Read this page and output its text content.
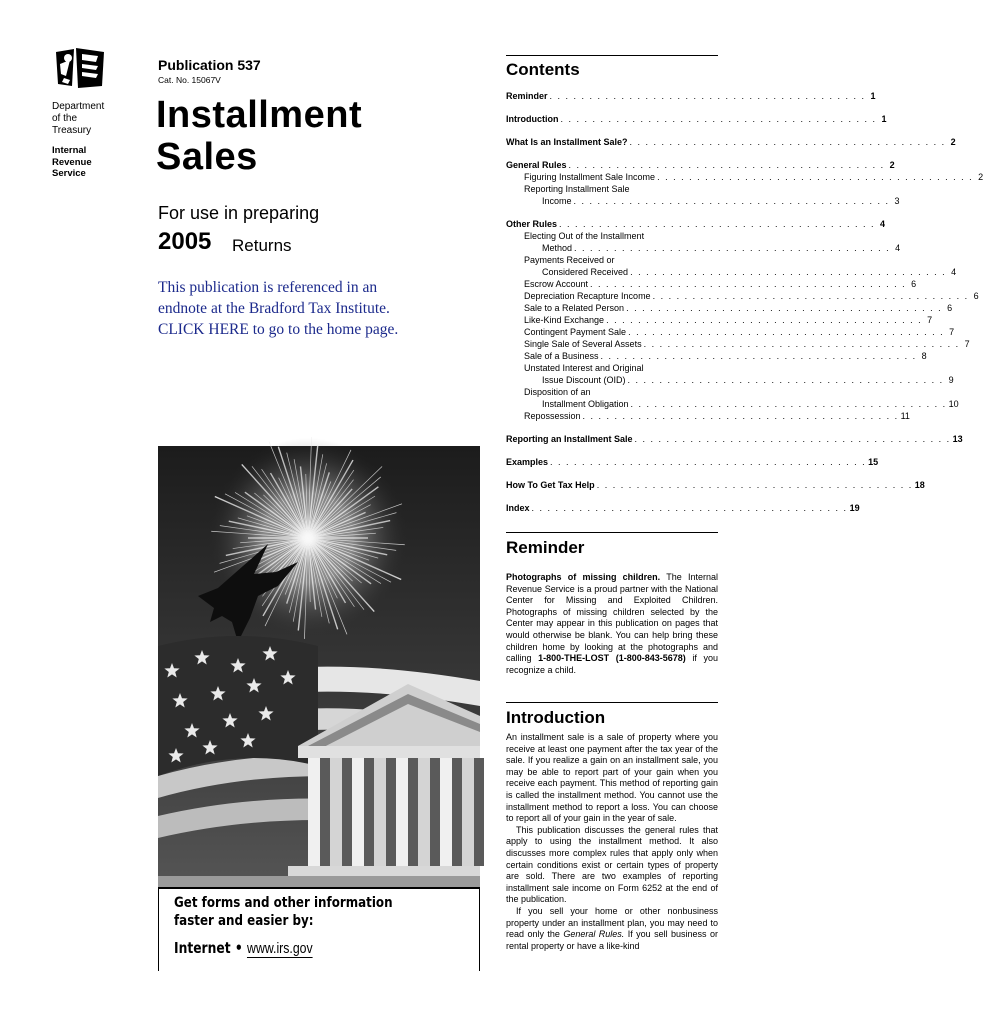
Department
of the
Treasury
Internal
Revenue
Service
Publication 537
Cat. No. 15067V
Installment
Sales
For use in preparing
2005 Returns
This publication is referenced in an
endnote at the Bradford Tax Institute.
CLICK HERE to go to the home page.
Get forms and other information
faster and easier by:
Internet • www.irs.gov
Contents
Reminder . . . . . . . . . . . . . . . . . . . . . . . . . . . . . . . . . . . . . . . . 1
Introduction . . . . . . . . . . . . . . . . . . . . . . . . . . . . . . . . . . . . . . . . 1
What Is an Installment Sale? . . . . . . . . . . . . . . . . . . . . . . . . . . . . . . . . . . . . . . . . 2
General Rules . . . . . . . . . . . . . . . . . . . . . . . . . . . . . . . . . . . . . . . . 2
Figuring Installment Sale Income . . . . . . . . . . . . . . . . . . . . . . . . . . . . . . . . . . . . . . . . 2
Reporting Installment Sale
Income . . . . . . . . . . . . . . . . . . . . . . . . . . . . . . . . . . . . . . . . 3
Other Rules . . . . . . . . . . . . . . . . . . . . . . . . . . . . . . . . . . . . . . . . 4
Electing Out of the Installment
Method . . . . . . . . . . . . . . . . . . . . . . . . . . . . . . . . . . . . . . . . 4
Payments Received or
Considered Received . . . . . . . . . . . . . . . . . . . . . . . . . . . . . . . . . . . . . . . . 4
Escrow Account . . . . . . . . . . . . . . . . . . . . . . . . . . . . . . . . . . . . . . . . 6
Depreciation Recapture Income . . . . . . . . . . . . . . . . . . . . . . . . . . . . . . . . . . . . . . . . 6
Sale to a Related Person . . . . . . . . . . . . . . . . . . . . . . . . . . . . . . . . . . . . . . . . 6
Like-Kind Exchange . . . . . . . . . . . . . . . . . . . . . . . . . . . . . . . . . . . . . . . . 7
Contingent Payment Sale . . . . . . . . . . . . . . . . . . . . . . . . . . . . . . . . . . . . . . . . 7
Single Sale of Several Assets . . . . . . . . . . . . . . . . . . . . . . . . . . . . . . . . . . . . . . . . 7
Sale of a Business . . . . . . . . . . . . . . . . . . . . . . . . . . . . . . . . . . . . . . . . 8
Unstated Interest and Original
Issue Discount (OID) . . . . . . . . . . . . . . . . . . . . . . . . . . . . . . . . . . . . . . . . 9
Disposition of an
Installment Obligation . . . . . . . . . . . . . . . . . . . . . . . . . . . . . . . . . . . . . . . . 10
Repossession . . . . . . . . . . . . . . . . . . . . . . . . . . . . . . . . . . . . . . . . 11
Reporting an Installment Sale . . . . . . . . . . . . . . . . . . . . . . . . . . . . . . . . . . . . . . . . 13
Examples . . . . . . . . . . . . . . . . . . . . . . . . . . . . . . . . . . . . . . . . 15
How To Get Tax Help . . . . . . . . . . . . . . . . . . . . . . . . . . . . . . . . . . . . . . . . 18
Index . . . . . . . . . . . . . . . . . . . . . . . . . . . . . . . . . . . . . . . . 19
Reminder
Photographs of missing children. The Internal Revenue Service is a proud partner with the National Center for Missing and Exploited Children. Photographs of missing children selected by the Center may appear in this publication on pages that would otherwise be blank. You can help bring these children home by looking at the photographs and calling 1-800-THE-LOST (1-800-843-5678) if you recognize a child.
Introduction
An installment sale is a sale of property where you receive at least one payment after the tax year of the sale. If you realize a gain on an installment sale, you may be able to report part of your gain when you receive each payment. This method of reporting gain is called the installment method. You cannot use the installment method to report a loss. You can choose to report all of your gain in the year of sale.
This publication discusses the general rules that apply to using the installment method. It also discusses more complex rules that apply only when certain conditions exist or certain types of property are sold. There are two examples of reporting installment sale income on Form 6252 at the end of the publication.
If you sell your home or other nonbusiness property under an installment plan, you may need to read only the General Rules. If you sell business or rental property or have a like-kind
